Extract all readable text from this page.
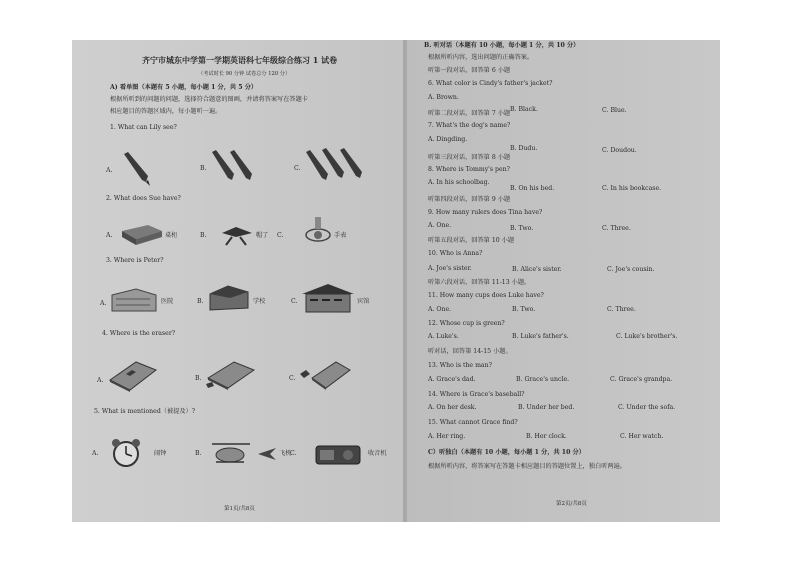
齐宁市城东中学第一学期英语科七年级综合练习 1 试卷
（考试时长 90 分钟 试卷总分 120 分）
A) 看单图（本题有 5 小题，每小题 1 分，共 5 分）
根据所听到的问题的问题，选择符合题意的图画，并请将答案写在答题卡
相应题目的答题区域内，每小题听一遍。
1. What can Lily see?
A.	B.	C.
2. What does Sue have?
A.	桌柜	B.	帽了 C.	手表
3. Where is Peter?
A.	医院	B.	学校	C.	宾馆
4. Where is the eraser?
A.	B.	C.
5. What is mentioned（被提及）?
A.	闹钟	B.	飞机
C.	收音机
第1页/共8页
B. 听对话（本题有 10 小题，每小题 1 分，共 10 分）
根据所听内容，选出问题的正确答案。
听第一段对话，回答第 6 小题
6. What color is Cindy's father's jacket?
A. Brown.
B. Black.	C. Blue.
听第二段对话，回答第 7 小题
7. What's the dog's name?
A. Dingding.
B. Dudu.	C. Doudou.
听第三段对话，回答第 8 小题
8. Where is Tommy's pen?
A. In his schoolbag.
B. On his bed.	C. In his bookcase.
听第四段对话，回答第 9 小题
9. How many rulers does Tina have?
A. One.	B. Two.	C. Three.
听第五段对话，回答第 10 小题
10. Who is Anna?
A. Joe's sister.	B. Alice's sister.	C. Joe's cousin.
听第六段对话，回答第 11-13 小题。
11. How many cups does Luke have?
A. One.	B. Two.	C. Three.
12. Whose cup is green?
A. Luke's.	B. Luke's father's.	C. Luke's brother's.
听对话，回答第 14-15 小题。
13. Who is the man?
A. Grace's dad.	B. Grace's uncle.	C. Grace's grandpa.
14. Where is Grace's baseball?
A. On her desk.	B. Under her bed.	C. Under the sofa.
15. What cannot Grace find?
A. Her ring.	B. Her clock.	C. Her watch.
C）听独白（本题有 10 小题，每小题 1 分，共 10 分）
根据所听内容，将答案写在答题卡相应题目的答题位置上，独白听两遍。
第2页/共8页
